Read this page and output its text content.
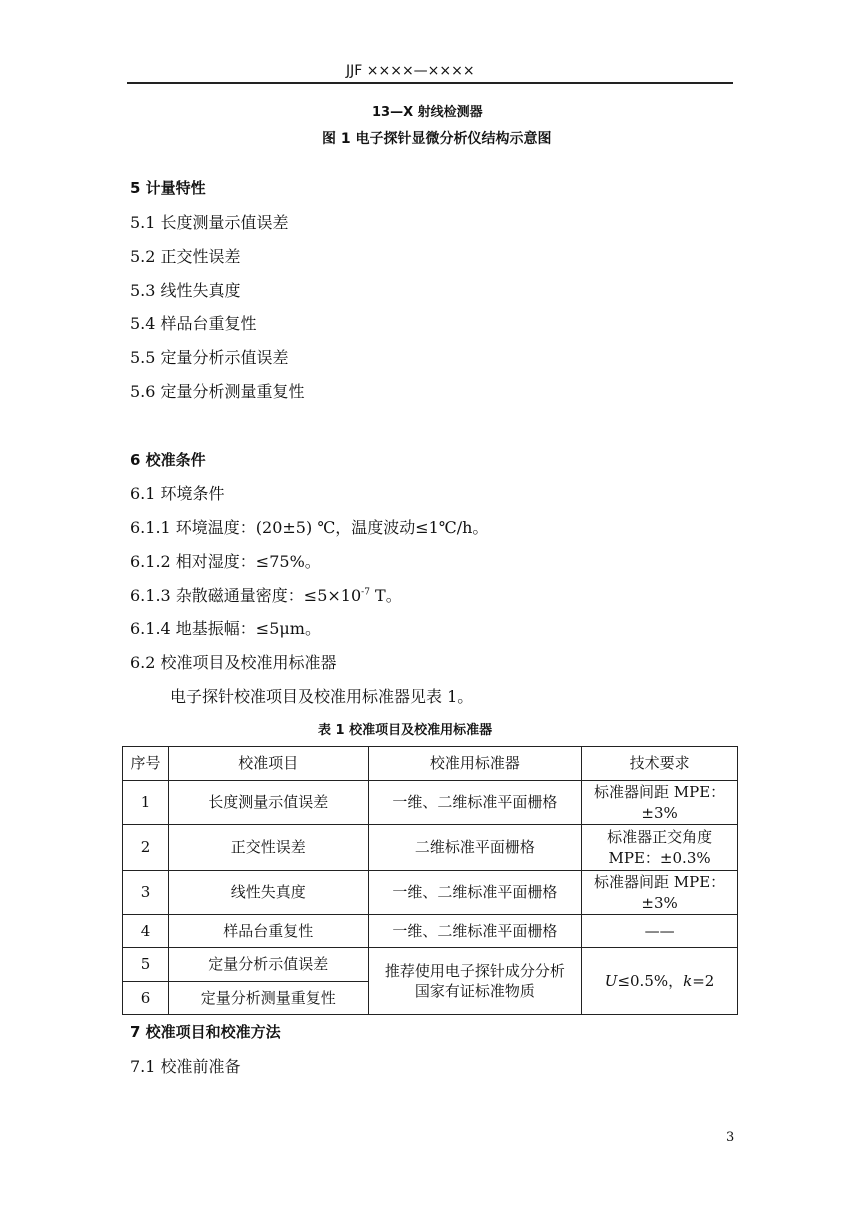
JJF ××××—××××
13—X 射线检测器
图 1 电子探针显微分析仪结构示意图
5 计量特性
5.1 长度测量示值误差
5.2 正交性误差
5.3 线性失真度
5.4 样品台重复性
5.5 定量分析示值误差
5.6 定量分析测量重复性
6 校准条件
6.1 环境条件
6.1.1 环境温度：(20±5) ℃，温度波动≤1℃/h。
6.1.2 相对湿度：≤75%。
6.1.3 杂散磁通量密度：$\le 5\times 10^{-7}$ T。
6.1.4 地基振幅：≤5μm。
6.2 校准项目及校准用标准器
电子探针校准项目及校准用标准器见表 1。
表 1 校准项目及校准用标准器
序号	校准项目	校准用标准器	技术要求
1	长度测量示值误差	一维、二维标准平面栅格	标准器间距 MPE：±3%
2	正交性误差	二维标准平面栅格	标准器正交角度 MPE：±0.3%
3	线性失真度	一维、二维标准平面栅格	标准器间距 MPE：±3%
4	样品台重复性	一维、二维标准平面栅格	——
5	定量分析示值误差	推荐使用电子探针成分分析国家有证标准物质	U≤0.5%，k=2
6	定量分析测量重复性		
7 校准项目和校准方法
7.1 校准前准备
3
